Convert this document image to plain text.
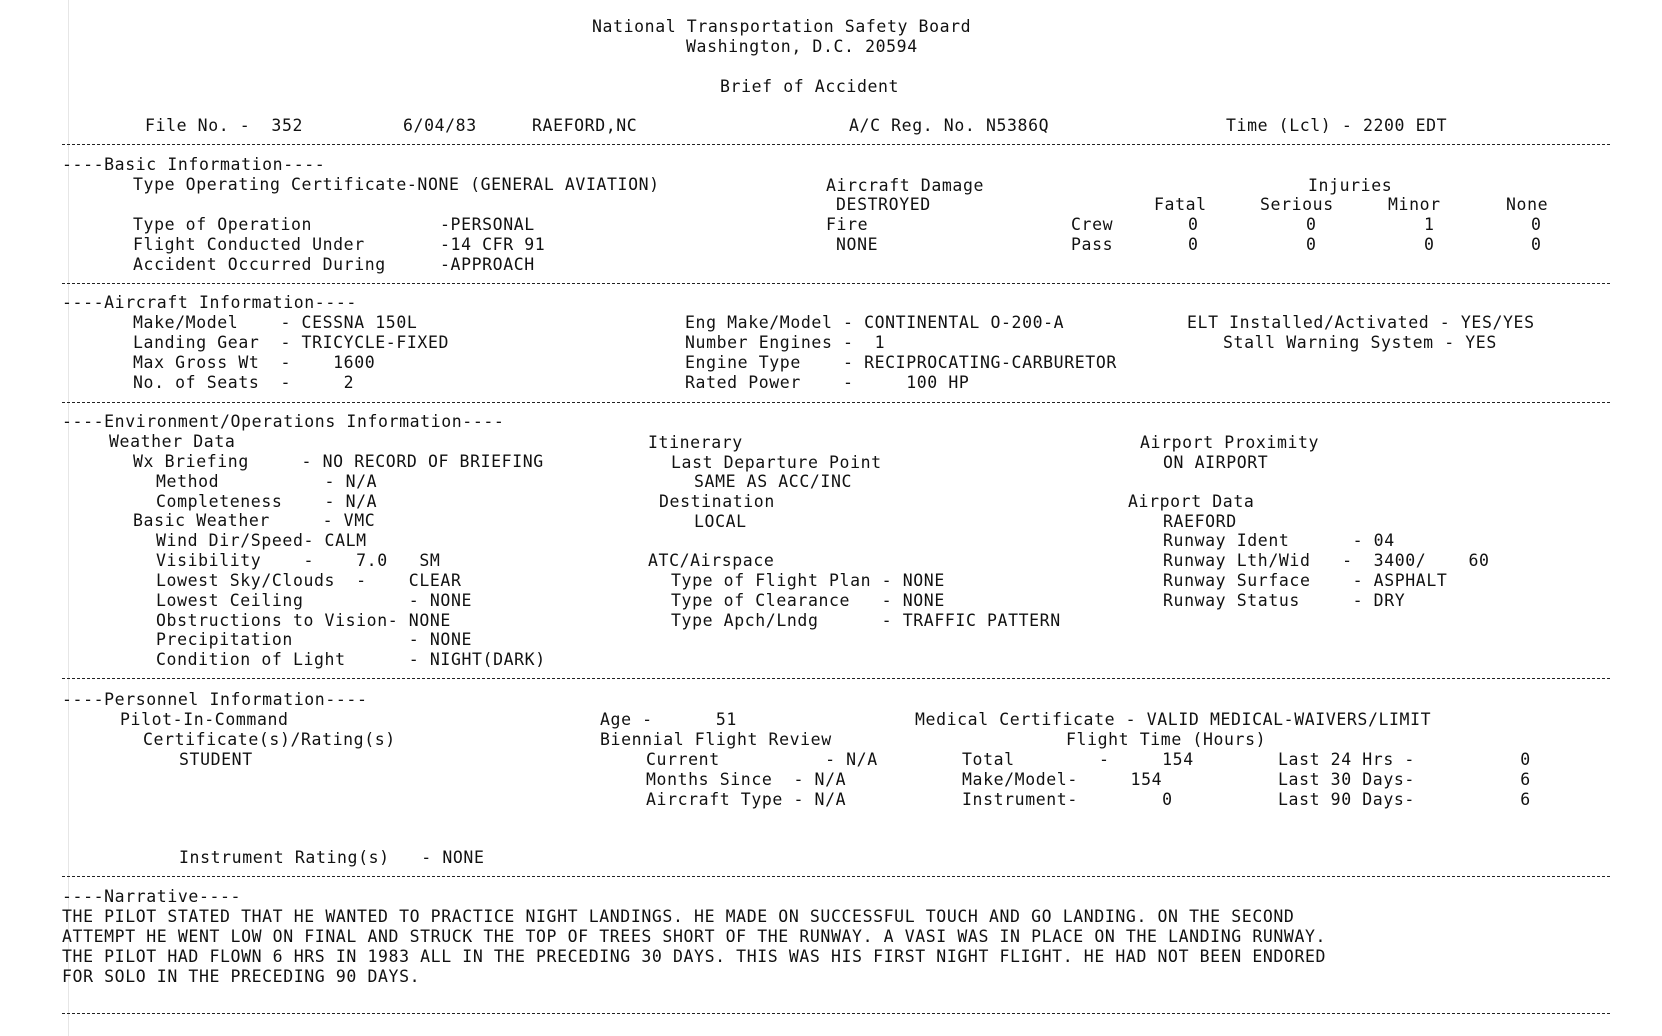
National Transportation Safety Board
Washington, D.C. 20594
Brief of Accident
File No. -  352	6/04/83	RAEFORD,NC	A/C Reg. No. N5386Q	Time (Lcl) - 2200 EDT
----Basic Information----
Type Operating Certificate-NONE (GENERAL AVIATION)
Type of Operation	-PERSONAL
Flight Conducted Under	-14 CFR 91
Accident Occurred During	-APPROACH
Aircraft Damage
DESTROYED
Fire
NONE
Injuries
Fatal	Serious	Minor	None
Crew	0	0	1	0
Pass	0	0	0	0
----Aircraft Information----
Make/Model    - CESSNA 150L
Landing Gear  - TRICYCLE-FIXED
Max Gross Wt  -    1600
No. of Seats  -     2
Eng Make/Model - CONTINENTAL O-200-A
Number Engines -  1
Engine Type    - RECIPROCATING-CARBURETOR
Rated Power    -     100 HP
ELT Installed/Activated - YES/YES
Stall Warning System - YES
----Environment/Operations Information----
Weather Data
Wx Briefing     - NO RECORD OF BRIEFING
Method          - N/A
Completeness    - N/A
Basic Weather     - VMC
Wind Dir/Speed- CALM
Visibility    -    7.0   SM
Lowest Sky/Clouds  -    CLEAR
Lowest Ceiling          - NONE
Obstructions to Vision- NONE
Precipitation           - NONE
Condition of Light      - NIGHT(DARK)
Itinerary
Last Departure Point
SAME AS ACC/INC
Destination
LOCAL
ATC/Airspace
Type of Flight Plan - NONE
Type of Clearance   - NONE
Type Apch/Lndg      - TRAFFIC PATTERN
Airport Proximity
ON AIRPORT
Airport Data
RAEFORD
Runway Ident      - 04
Runway Lth/Wid   -  3400/    60
Runway Surface    - ASPHALT
Runway Status     - DRY
----Personnel Information----
Pilot-In-Command
Certificate(s)/Rating(s)
STUDENT
Instrument Rating(s)   - NONE
Age -      51
Biennial Flight Review
Current          - N/A
Months Since  - N/A
Aircraft Type - N/A
Medical Certificate - VALID MEDICAL-WAIVERS/LIMIT
Flight Time (Hours)
Total        -     154
Make/Model-     154
Instrument-        0
Last 24 Hrs -          0
Last 30 Days-          6
Last 90 Days-          6
----Narrative----
THE PILOT STATED THAT HE WANTED TO PRACTICE NIGHT LANDINGS. HE MADE ON SUCCESSFUL TOUCH AND GO LANDING. ON THE SECOND
ATTEMPT HE WENT LOW ON FINAL AND STRUCK THE TOP OF TREES SHORT OF THE RUNWAY. A VASI WAS IN PLACE ON THE LANDING RUNWAY.
THE PILOT HAD FLOWN 6 HRS IN 1983 ALL IN THE PRECEDING 30 DAYS. THIS WAS HIS FIRST NIGHT FLIGHT. HE HAD NOT BEEN ENDORED
FOR SOLO IN THE PRECEDING 90 DAYS.
